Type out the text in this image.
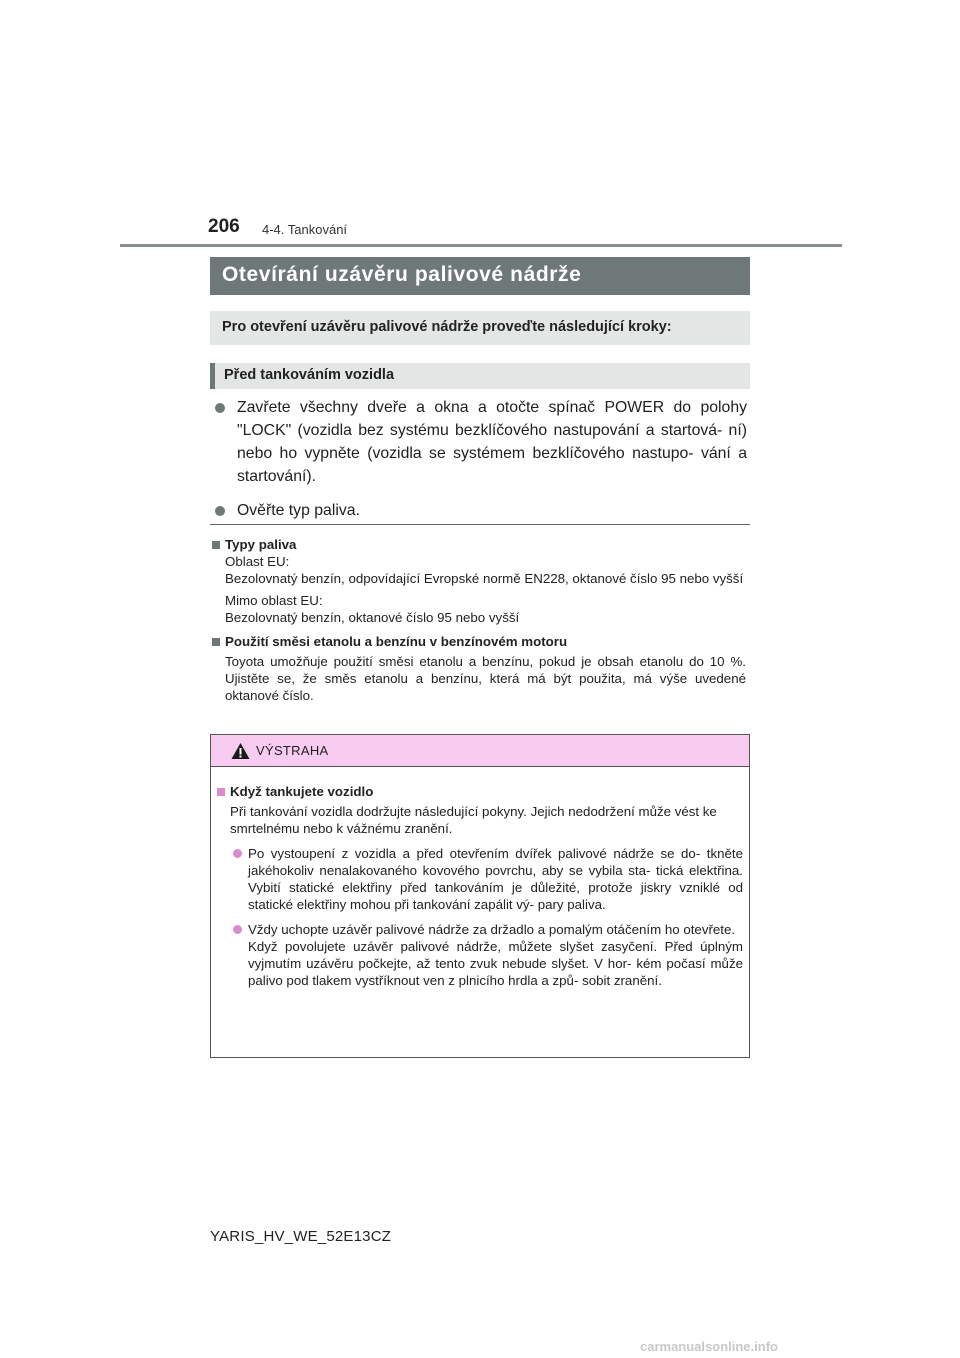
206 4-4. Tankování
Otevírání uzávěru palivové nádrže
Pro otevření uzávěru palivové nádrže proveďte následující kroky:
Před tankováním vozidla
Zavřete všechny dveře a okna a otočte spínač POWER do polohy "LOCK" (vozidla bez systému bezklíčového nastupování a startová- ní) nebo ho vypněte (vozidla se systémem bezklíčového nastupo- vání a startování).
Ověřte typ paliva.
Typy paliva
Oblast EU:
Bezolovnatý benzín, odpovídající Evropské normě EN228, oktanové číslo 95 nebo vyšší
Mimo oblast EU:
Bezolovnatý benzín, oktanové číslo 95 nebo vyšší
Použití směsi etanolu a benzínu v benzínovém motoru
Toyota umožňuje použití směsi etanolu a benzínu, pokud je obsah etanolu do 10 %. Ujistěte se, že směs etanolu a benzínu, která má být použita, má výše uvedené oktanové číslo.
VÝSTRAHA
Když tankujete vozidlo
Při tankování vozidla dodržujte následující pokyny. Jejich nedodržení může vést ke smrtelnému nebo k vážnému zranění.
Po vystoupení z vozidla a před otevřením dvířek palivové nádrže se do- tkněte jakéhokoliv nenalakovaného kovového povrchu, aby se vybila sta- tická elektřina. Vybití statické elektřiny před tankováním je důležité, protože jiskry vzniklé od statické elektřiny mohou při tankování zapálit vý- pary paliva.
Vždy uchopte uzávěr palivové nádrže za držadlo a pomalým otáčením ho otevřete.
Když povolujete uzávěr palivové nádrže, můžete slyšet zasyčení. Před úplným vyjmutím uzávěru počkejte, až tento zvuk nebude slyšet. V hor- kém počasí může palivo pod tlakem vystříknout ven z plnicího hrdla a způ- sobit zranění.
YARIS_HV_WE_52E13CZ
carmanualsonline.info
